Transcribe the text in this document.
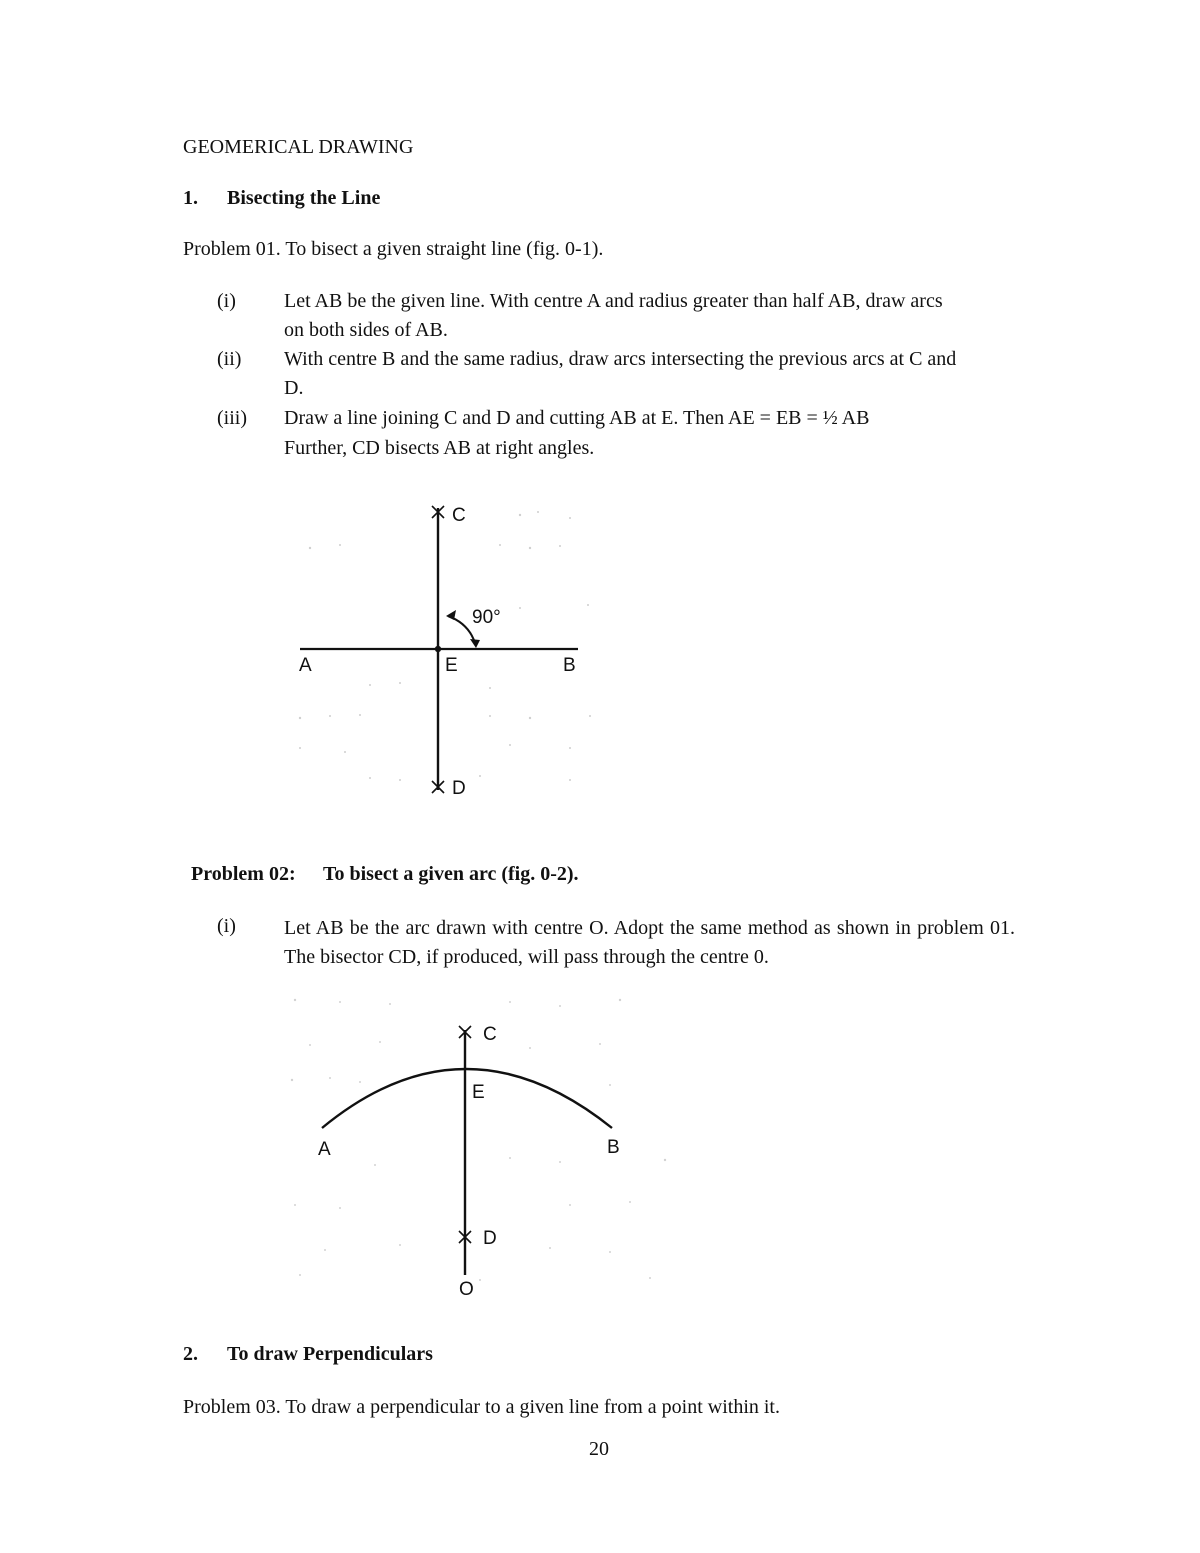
GEOMERICAL DRAWING
1. Bisecting the Line
Problem 01. To bisect a given straight line (fig. 0-1).
(i) Let AB be the given line. With centre A and radius greater than half AB, draw arcs
on both sides of AB.
(ii) With centre B and the same radius, draw arcs intersecting the previous arcs at C and
D.
(iii) Draw a line joining C and D and cutting AB at E. Then AE = EB = ½ AB
Further, CD bisects AB at right angles.
C
90°
A	E	B
D
Problem 02: To bisect a given arc (fig. 0-2).
(i) Let AB be the arc drawn with centre O. Adopt the same method as shown in problem 01. The bisector CD, if produced, will pass through the centre 0.
C
E
A	B
D
O
2. To draw Perpendiculars
Problem 03. To draw a perpendicular to a given line from a point within it.
20
